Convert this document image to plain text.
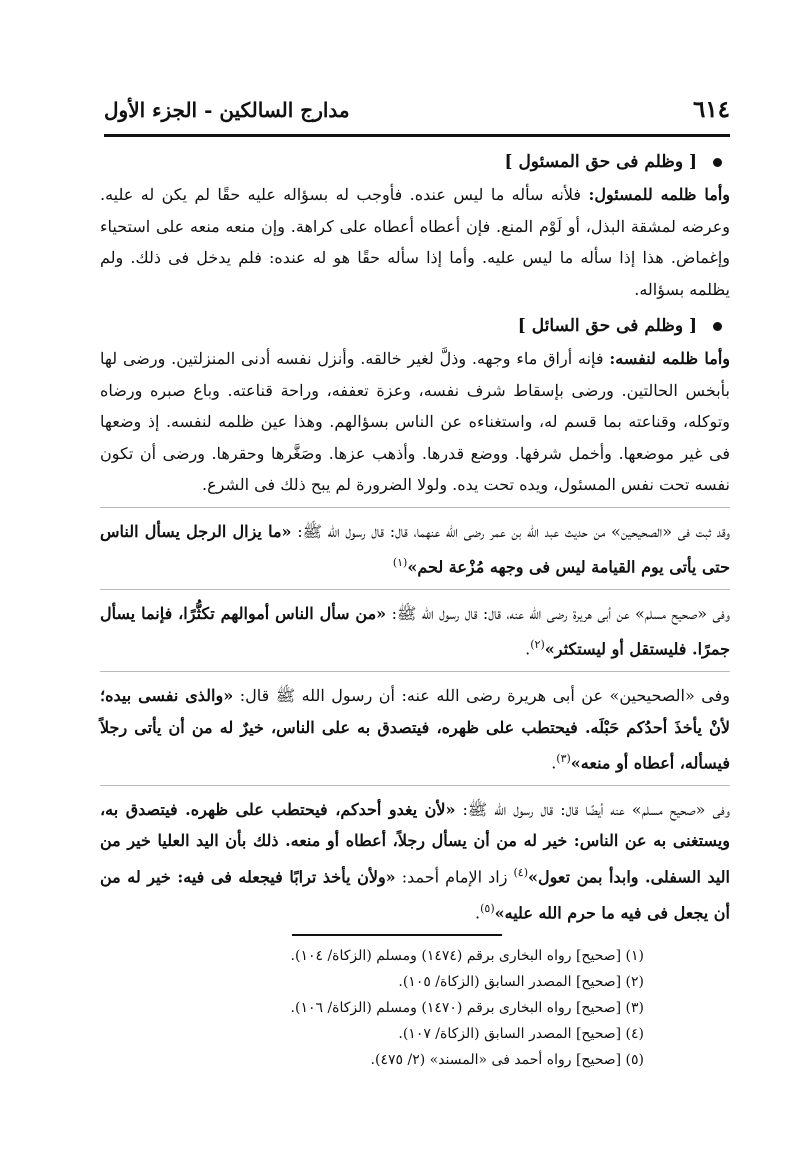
٦١٤
مدارج السالكين - الجزء الأول
[ وظلم فى حق المسئول ]

وأما ظلمه للمسئول: فلأنه سأله ما ليس عنده. فأوجب له بسؤاله عليه حقًا لم يكن له عليه. وعرضه لمشقة البذل، أو لَوْم المنع. فإن أعطاه أعطاه على كراهة. وإن منعه منعه على استحياء وإغماض. هذا إذا سأله ما ليس عليه. وأما إذا سأله حقًا هو له عنده: فلم يدخل فى ذلك. ولم يظلمه بسؤاله.

[ وظلم فى حق السائل ]

وأما ظلمه لنفسه: فإنه أراق ماء وجهه. وذلَّ لغير خالقه. وأنزل نفسه أدنى المنزلتين. ورضى لها بأبخس الحالتين. ورضى بإسقاط شرف نفسه، وعزة تعففه، وراحة قناعته. وباع صبره ورضاه وتوكله، وقناعته بما قسم له، واستغناءه عن الناس بسؤالهم. وهذا عين ظلمه لنفسه. إذ وضعها فى غير موضعها. وأخمل شرفها. ووضع قدرها. وأذهب عزها. وصَغَّرها وحقرها. ورضى أن تكون نفسه تحت نفس المسئول، ويده تحت يده. ولولا الضرورة لم يبح ذلك فى الشرع.

وقد ثبت فى «الصحيحين» من حديث عبد الله بن عمر رضى الله عنهما، قال: قال رسول الله ﷺ: «ما يزال الرجل يسأل الناس حتى يأتى يوم القيامة ليس فى وجهه مُزْعة لحم»$^{(١)}$

وفى «صحيح مسلم» عن أبى هريرة رضى الله عنه، قال: قال رسول الله ﷺ: «من سأل الناس أموالهم تكثُّرًا، فإنما يسأل جمرًا. فليستقل أو ليستكثر»$^{(٢)}$.

وفى «الصحيحين» عن أبى هريرة رضى الله عنه: أن رسول الله ﷺ قال: «والذى نفسى بيده؛ لأنْ يأخذَ أحدُكم حَبْلَه. فيحتطب على ظهره، فيتصدق به على الناس، خيرٌ له من أن يأتى رجلاً فيسأله، أعطاه أو منعه»$^{(٣)}$.

وفى «صحيح مسلم» عنه أيضًا قال: قال رسول الله ﷺ: «لأن يغدو أحدكم، فيحتطب على ظهره. فيتصدق به، ويستغنى به عن الناس: خير له من أن يسأل رجلاً، أعطاه أو منعه. ذلك بأن اليد العليا خير من اليد السفلى. وابدأ بمن تعول»$^{(٤)}$ زاد الإمام أحمد: «ولأن يأخذ ترابًا فيجعله فى فيه: خير له من أن يجعل فى فيه ما حرم الله عليه»$^{(٥)}$.

(١) [صحيح] رواه البخارى برقم (١٤٧٤) ومسلم (الزكاة/ ١٠٤).
(٢) [صحيح] المصدر السابق (الزكاة/ ١٠٥).
(٣) [صحيح] رواه البخارى برقم (١٤٧٠) ومسلم (الزكاة/ ١٠٦).
(٤) [صحيح] المصدر السابق (الزكاة/ ١٠٧).
(٥) [صحيح] رواه أحمد فى «المسند» (٢/ ٤٧٥).
